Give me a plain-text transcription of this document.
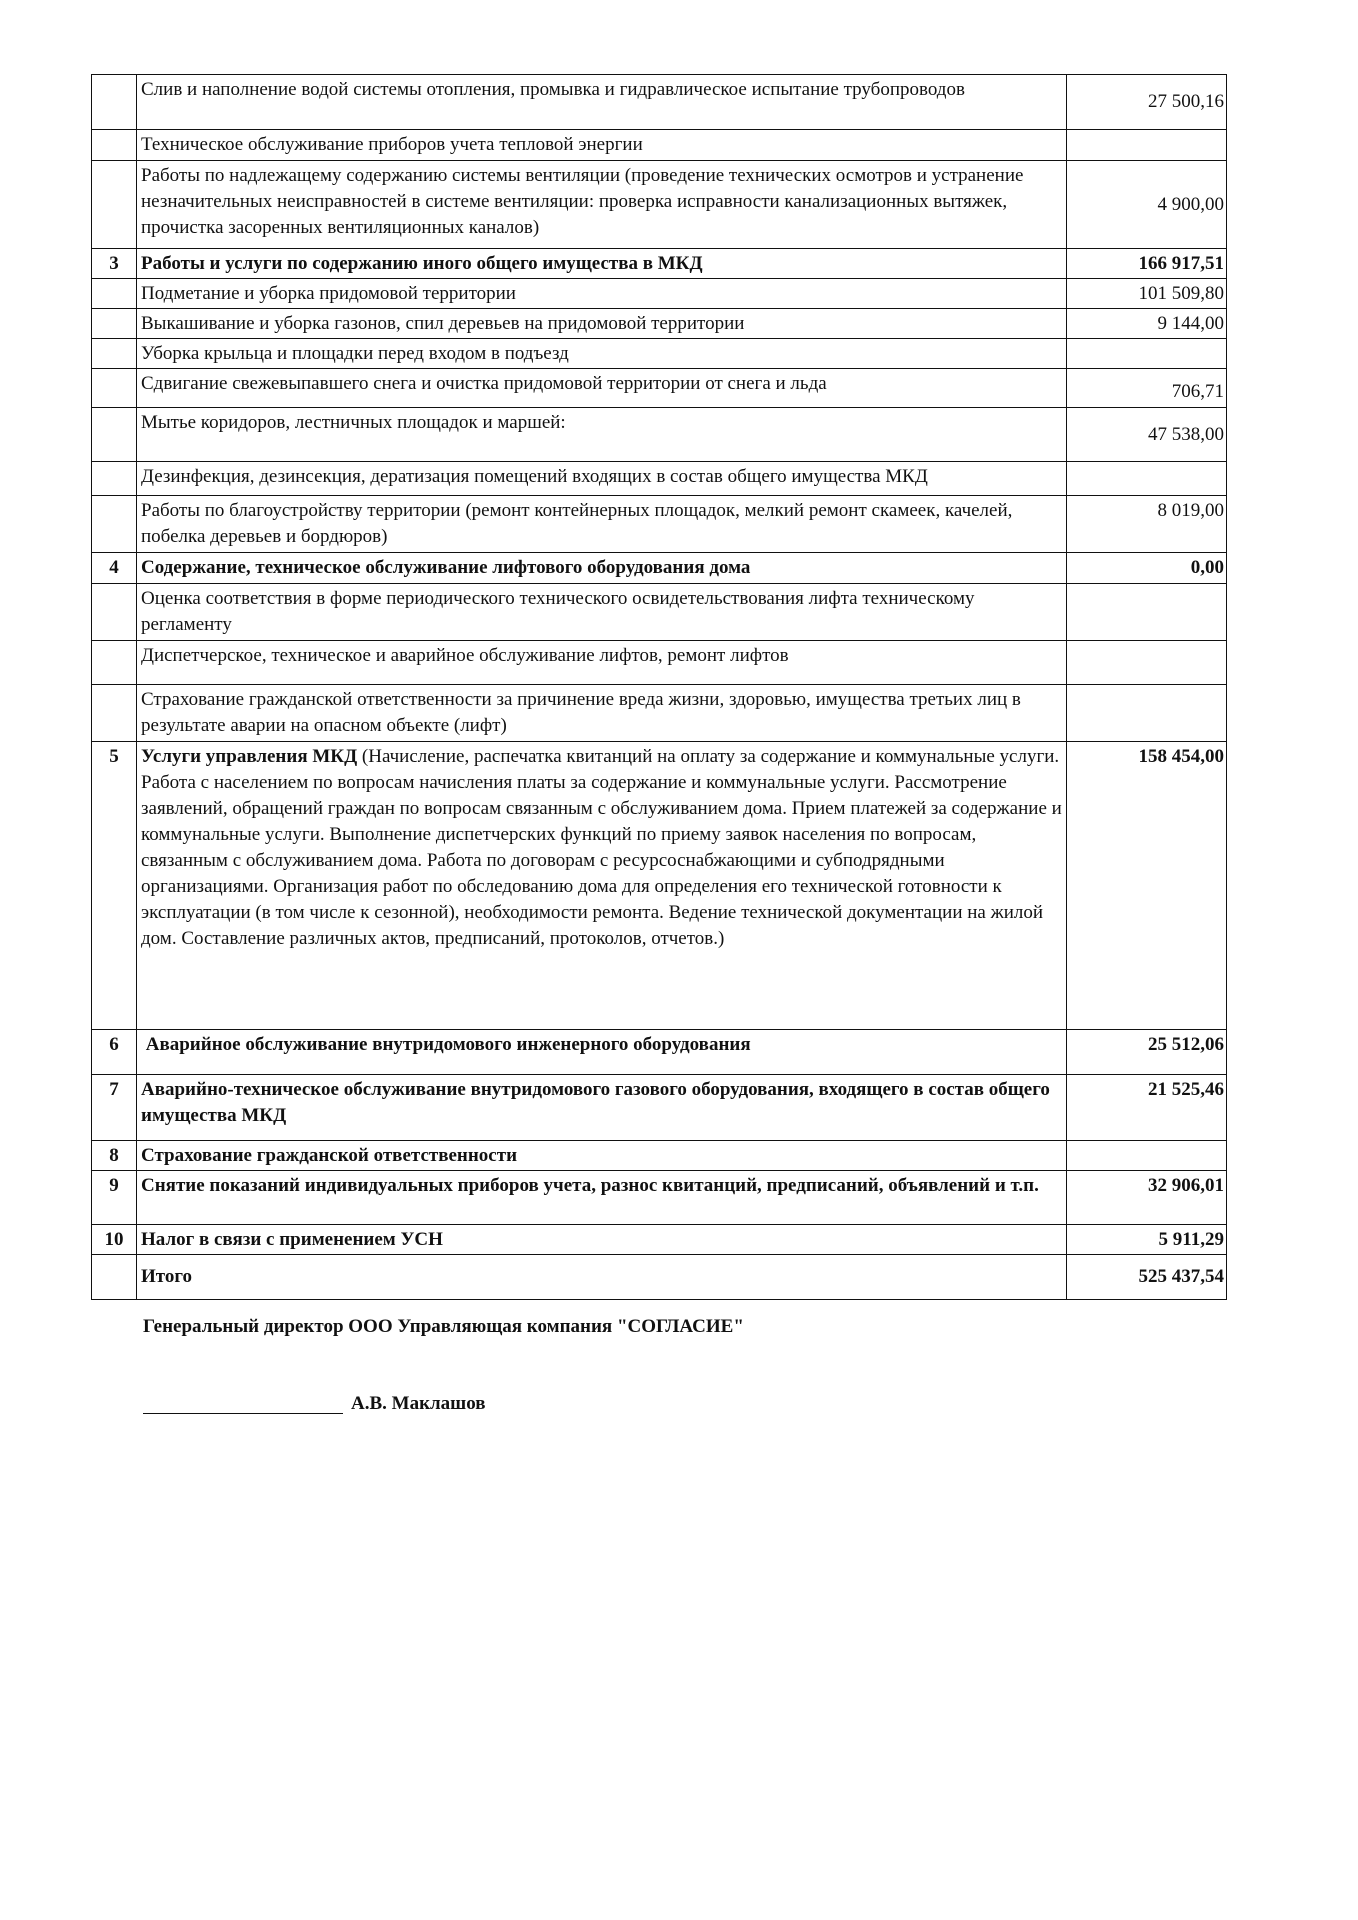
	Слив и наполнение водой системы отопления, промывка и гидравлическое испытание трубопроводов	27 500,16
	Техническое обслуживание приборов учета тепловой энергии	
	Работы по надлежащему содержанию системы вентиляции (проведение технических осмотров и устранение незначительных неисправностей в системе вентиляции: проверка исправности канализационных вытяжек, прочистка засоренных вентиляционных каналов)	4 900,00
3	Работы и услуги по содержанию иного общего имущества в МКД	166 917,51
	Подметание и уборка придомовой территории	101 509,80
	Выкашивание и уборка газонов, спил деревьев на придомовой территории	9 144,00
	Уборка крыльца и площадки перед входом в подъезд	
	Сдвигание свежевыпавшего снега и очистка придомовой территории от снега и льда	706,71
	Мытье коридоров, лестничных площадок и маршей:	47 538,00
	Дезинфекция, дезинсекция, дератизация помещений входящих в состав общего имущества МКД	
	Работы по благоустройству территории (ремонт контейнерных площадок, мелкий ремонт скамеек, качелей, побелка деревьев и бордюров)	8 019,00
4	Содержание, техническое обслуживание лифтового оборудования дома	0,00
	Оценка соответствия в форме периодического технического освидетельствования лифта техническому регламенту	
	Диспетчерское, техническое и аварийное обслуживание лифтов, ремонт лифтов	
	Страхование гражданской ответственности за причинение вреда жизни, здоровью, имущества третьих лиц в результате аварии на опасном объекте (лифт)	
5	Услуги управления МКД (Начисление, распечатка квитанций на оплату за содержание и коммунальные услуги. Работа с населением по вопросам начисления платы за содержание и коммунальные услуги. Рассмотрение заявлений, обращений граждан по вопросам связанным с обслуживанием дома. Прием платежей за содержание и коммунальные услуги. Выполнение диспетчерских функций по приему заявок населения по вопросам, связанным с обслуживанием дома. Работа по договорам с ресурсоснабжающими и субподрядными организациями. Организация работ по обследованию дома для определения его технической готовности к эксплуатации (в том числе к сезонной), необходимости ремонта. Ведение технической документации на жилой дом. Составление различных актов, предписаний, протоколов, отчетов.)	158 454,00
6	Аварийное обслуживание внутридомового инженерного оборудования	25 512,06
7	Аварийно-техническое обслуживание внутридомового газового оборудования, входящего в состав общего имущества МКД	21 525,46
8	Страхование гражданской ответственности	
9	Снятие показаний индивидуальных приборов учета, разнос квитанций, предписаний, объявлений и т.п.	32 906,01
10	Налог в связи с применением УСН	5 911,29
	Итого	525 437,54
Генеральный директор ООО Управляющая компания "СОГЛАСИЕ"
А.В. Маклашов
